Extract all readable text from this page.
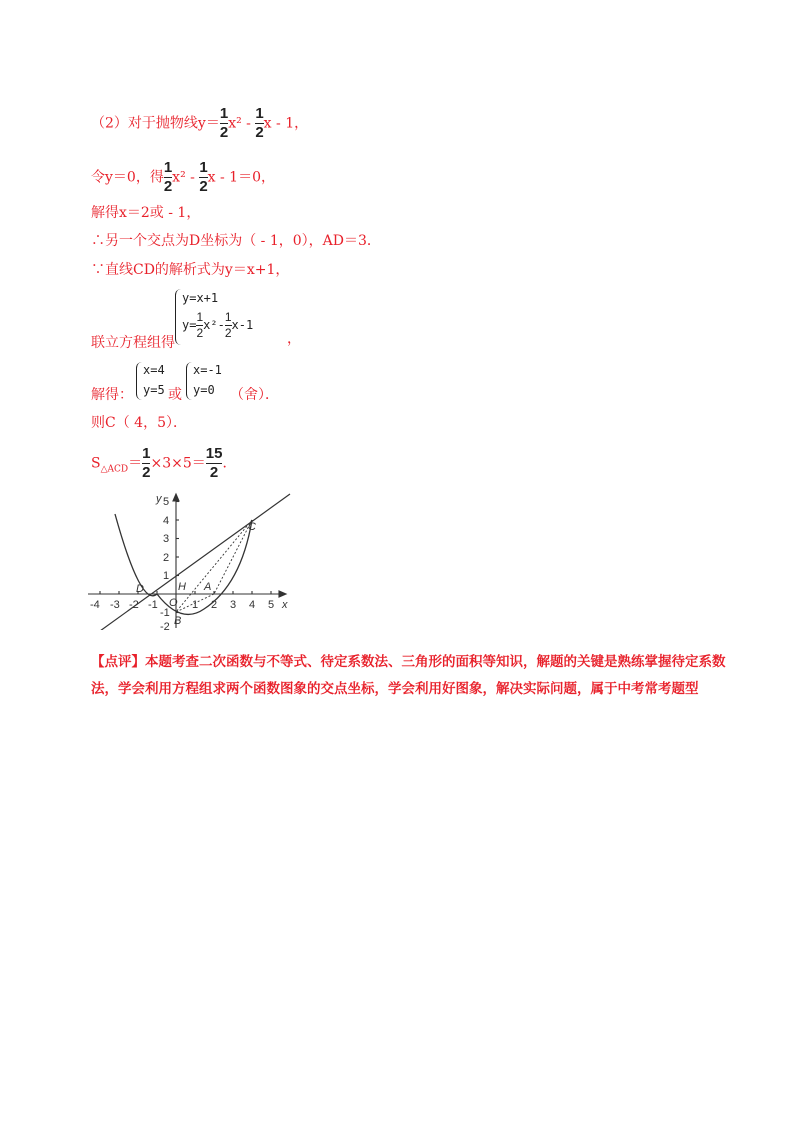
（2）对于抛物线$y= \frac{1}{2} x^2 - \frac{1}{2}$ x - 1，
令y＝0，得 $\frac{1}{2} x^2 - \frac{1}{2}$ x - 1＝0，
解得x＝2或 - 1，
∴另一个交点为D坐标为（ - 1，0），AD＝3．
∵直线CD的解析式为y＝x+1，
y=x+1
$y= \frac{1}{2} x^2- \frac{1}{2} x-1$
联立方程组得	，
解得：
x=4
y=5 或
x=-1
y=0 （舍）．
则C（ 4，5）．
$S_{\triangle ACD}= \frac{1}{2} \times 3\times 5= \frac{15}{2}$ ．
-4 -3 -2 -1 O 1 2 3 4 5 x
5
4
3
2
1
-1
-2
y
C
D	H A
B
【点评】本题考查二次函数与不等式、待定系数法、三角形的面积等知识，解题的关键是熟练掌握待定系数法，学会利用方程组求两个函数图象的交点坐标，学会利用好图象，解决实际问题，属于中考常考题型
